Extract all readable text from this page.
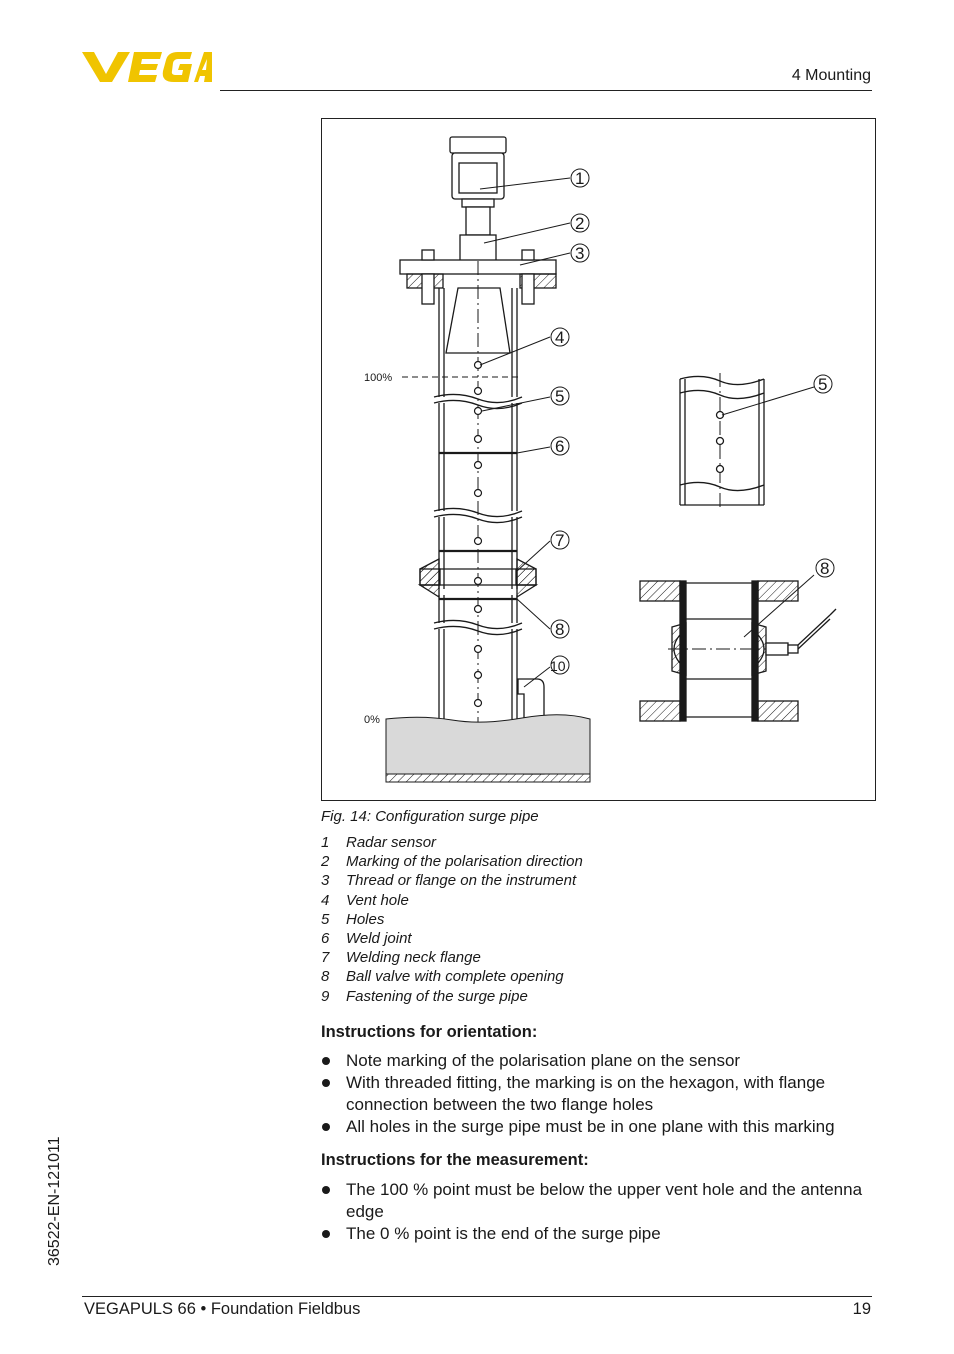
4 Mounting
36522-EN-121011
100%
0%
1
2
3
4
5
6
7
8
10
5
8
Fig. 14: Configuration surge pipe
1 Radar sensor
2 Marking of the polarisation direction
3 Thread or flange on the instrument
4 Vent hole
5 Holes
6 Weld joint
7 Welding neck flange
8 Ball valve with complete opening
9 Fastening of the surge pipe
Instructions for orientation:
Note marking of the polarisation plane on the sensor
With threaded fitting, the marking is on the hexagon, with flange connection between the two flange holes
All holes in the surge pipe must be in one plane with this marking
Instructions for the measurement:
The 100 % point must be below the upper vent hole and the antenna edge
The 0 % point is the end of the surge pipe
VEGAPULS 66 • Foundation Fieldbus	19
